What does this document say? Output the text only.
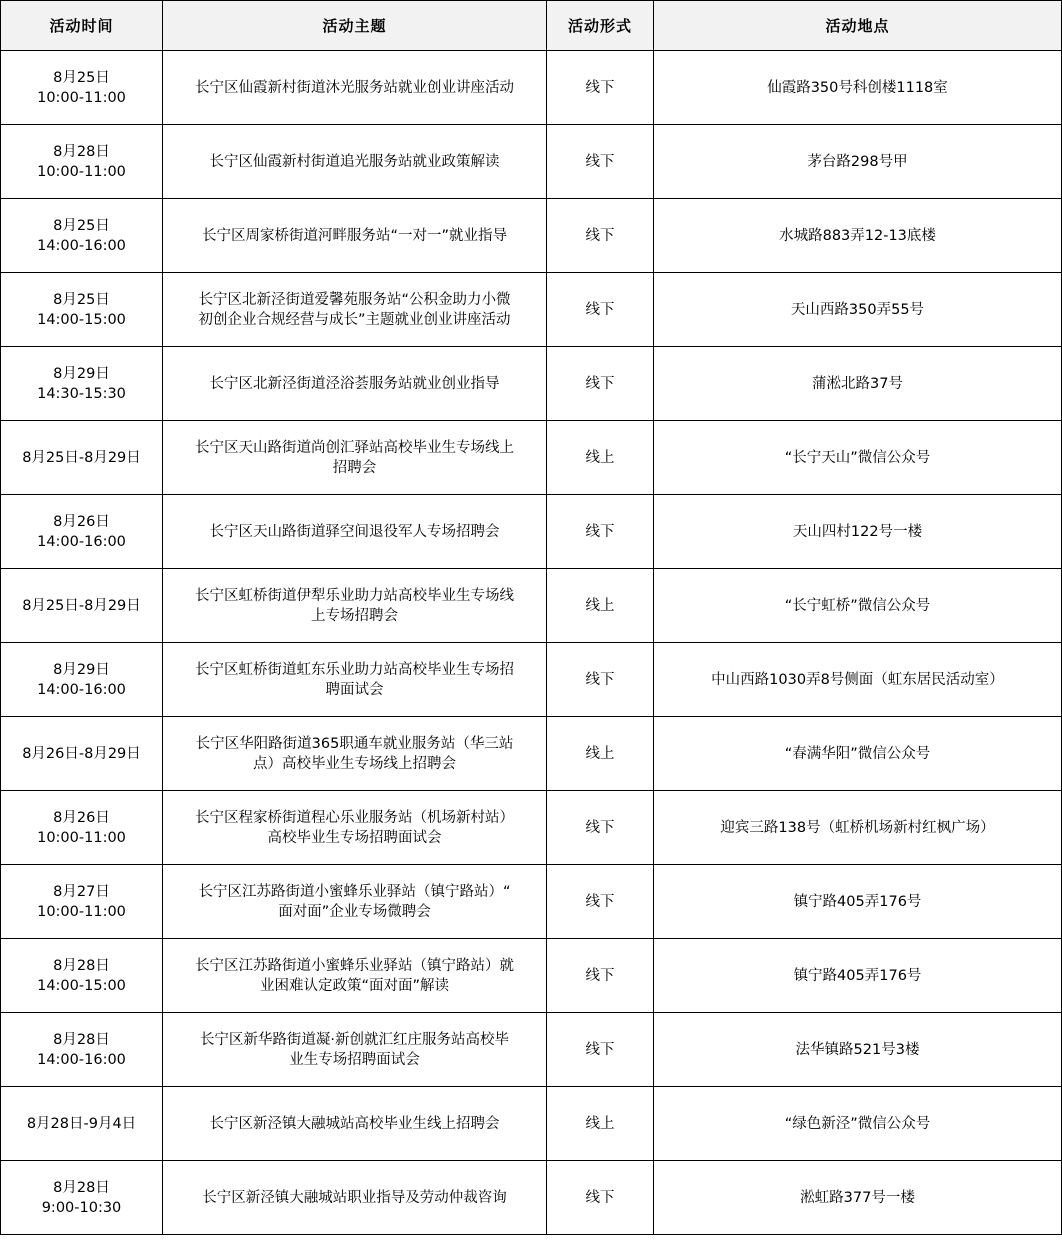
活动时间	活动主题	活动形式	活动地点

8月25日
10:00-11:00	长宁区仙霞新村街道沐光服务站就业创业讲座活动	线下	仙霞路350号科创楼1118室

8月28日
10:00-11:00	长宁区仙霞新村街道追光服务站就业政策解读	线下	茅台路298号甲

8月25日
14:00-16:00	长宁区周家桥街道河畔服务站“一对一”就业指导	线下	水城路883弄12-13底楼

8月25日
14:00-15:00	长宁区北新泾街道爱馨苑服务站“公积金助力小微
初创企业合规经营与成长”主题就业创业讲座活动	线下	天山西路350弄55号

8月29日
14:30-15:30	长宁区北新泾街道泾浴荟服务站就业创业指导	线下	蒲淞北路37号

8月25日-8月29日	长宁区天山路街道尚创汇驿站高校毕业生专场线上
招聘会	线上	“长宁天山”微信公众号

8月26日
14:00-16:00	长宁区天山路街道驿空间退役军人专场招聘会	线下	天山四村122号一楼

8月25日-8月29日	长宁区虹桥街道伊犁乐业助力站高校毕业生专场线
上专场招聘会	线上	“长宁虹桥”微信公众号

8月29日
14:00-16:00	长宁区虹桥街道虹东乐业助力站高校毕业生专场招
聘面试会	线下	中山西路1030弄8号侧面（虹东居民活动室）

8月26日-8月29日	长宁区华阳路街道365职通车就业服务站（华三站
点）高校毕业生专场线上招聘会	线上	“春满华阳”微信公众号

8月26日
10:00-11:00	长宁区程家桥街道程心乐业服务站（机场新村站）
高校毕业生专场招聘面试会	线下	迎宾三路138号（虹桥机场新村红枫广场）

8月27日
10:00-11:00	长宁区江苏路街道小蜜蜂乐业驿站（镇宁路站）“
面对面”企业专场微聘会	线下	镇宁路405弄176号

8月28日
14:00-15:00	长宁区江苏路街道小蜜蜂乐业驿站（镇宁路站）就
业困难认定政策“面对面”解读	线下	镇宁路405弄176号

8月28日
14:00-16:00	长宁区新华路街道凝·新创就汇红庄服务站高校毕
业生专场招聘面试会	线下	法华镇路521号3楼

8月28日-9月4日	长宁区新泾镇大融城站高校毕业生线上招聘会	线上	“绿色新泾”微信公众号

8月28日
9:00-10:30	长宁区新泾镇大融城站职业指导及劳动仲裁咨询	线下	淞虹路377号一楼
